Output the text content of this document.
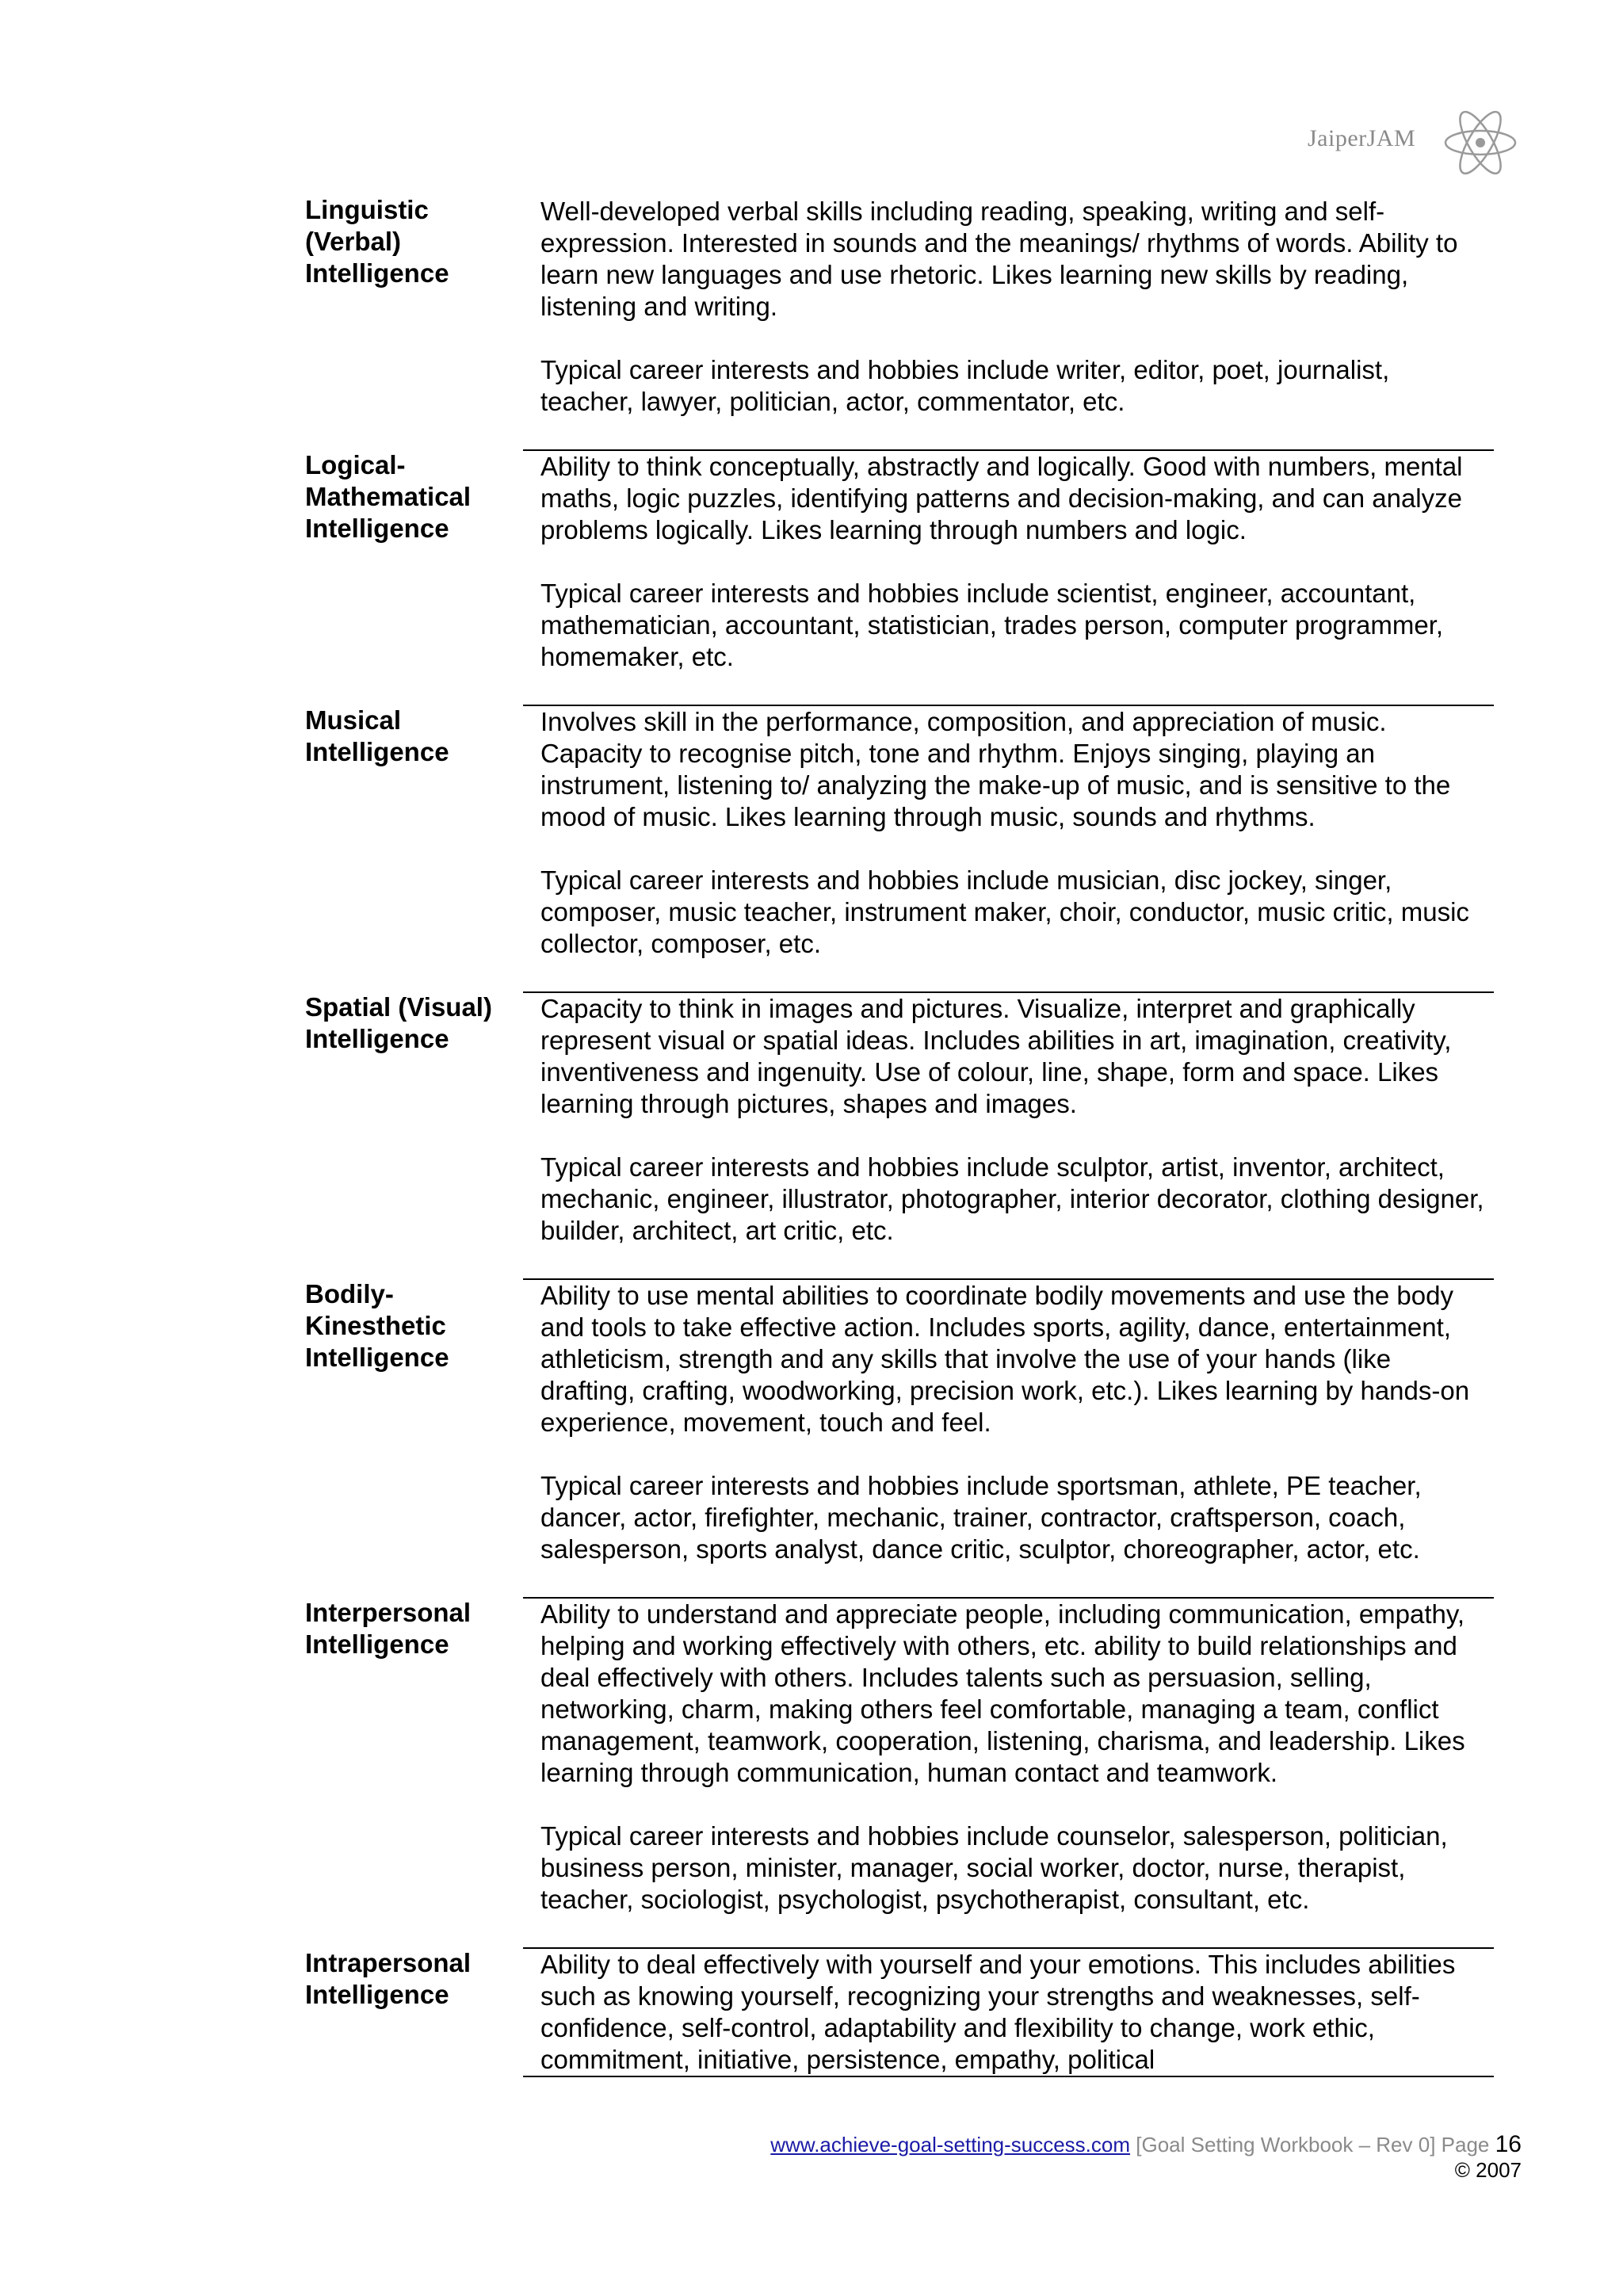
JaiperJAM
Linguistic (Verbal) Intelligence

Well-developed verbal skills including reading, speaking, writing and self-expression. Interested in sounds and the meanings/ rhythms of words. Ability to learn new languages and use rhetoric. Likes learning new skills by reading, listening and writing.

Typical career interests and hobbies include writer, editor, poet, journalist, teacher, lawyer, politician, actor, commentator, etc.

Logical-Mathematical Intelligence

Ability to think conceptually, abstractly and logically. Good with numbers, mental maths, logic puzzles, identifying patterns and decision-making, and can analyze problems logically. Likes learning through numbers and logic.

Typical career interests and hobbies include scientist, engineer, accountant, mathematician, accountant, statistician, trades person, computer programmer, homemaker, etc.

Musical Intelligence

Involves skill in the performance, composition, and appreciation of music. Capacity to recognise pitch, tone and rhythm. Enjoys singing, playing an instrument, listening to/ analyzing the make-up of music, and is sensitive to the mood of music. Likes learning through music, sounds and rhythms.

Typical career interests and hobbies include musician, disc jockey, singer, composer, music teacher, instrument maker, choir, conductor, music critic, music collector, composer, etc.

Spatial (Visual) Intelligence

Capacity to think in images and pictures. Visualize, interpret and graphically represent visual or spatial ideas. Includes abilities in art, imagination, creativity, inventiveness and ingenuity. Use of colour, line, shape, form and space. Likes learning through pictures, shapes and images.

Typical career interests and hobbies include sculptor, artist, inventor, architect, mechanic, engineer, illustrator, photographer, interior decorator, clothing designer, builder, architect, art critic, etc.

Bodily-Kinesthetic Intelligence

Ability to use mental abilities to coordinate bodily movements and use the body and tools to take effective action. Includes sports, agility, dance, entertainment, athleticism, strength and any skills that involve the use of your hands (like drafting, crafting, woodworking, precision work, etc.). Likes learning by hands-on experience, movement, touch and feel.

Typical career interests and hobbies include sportsman, athlete, PE teacher, dancer, actor, firefighter, mechanic, trainer, contractor, craftsperson, coach, salesperson, sports analyst, dance critic, sculptor, choreographer, actor, etc.

Interpersonal Intelligence

Ability to understand and appreciate people, including communication, empathy, helping and working effectively with others, etc. ability to build relationships and deal effectively with others. Includes talents such as persuasion, selling, networking, charm, making others feel comfortable, managing a team, conflict management, teamwork, cooperation, listening, charisma, and leadership. Likes learning through communication, human contact and teamwork.

Typical career interests and hobbies include counselor, salesperson, politician, business person, minister, manager, social worker, doctor, nurse, therapist, teacher, sociologist, psychologist, psychotherapist, consultant, etc.

Intrapersonal Intelligence

Ability to deal effectively with yourself and your emotions. This includes abilities such as knowing yourself, recognizing your strengths and weaknesses, self-confidence, self-control, adaptability and flexibility to change, work ethic, commitment, initiative, persistence, empathy, political

www.achieve-goal-setting-success.com [Goal Setting Workbook – Rev 0] Page 16
© 2007
